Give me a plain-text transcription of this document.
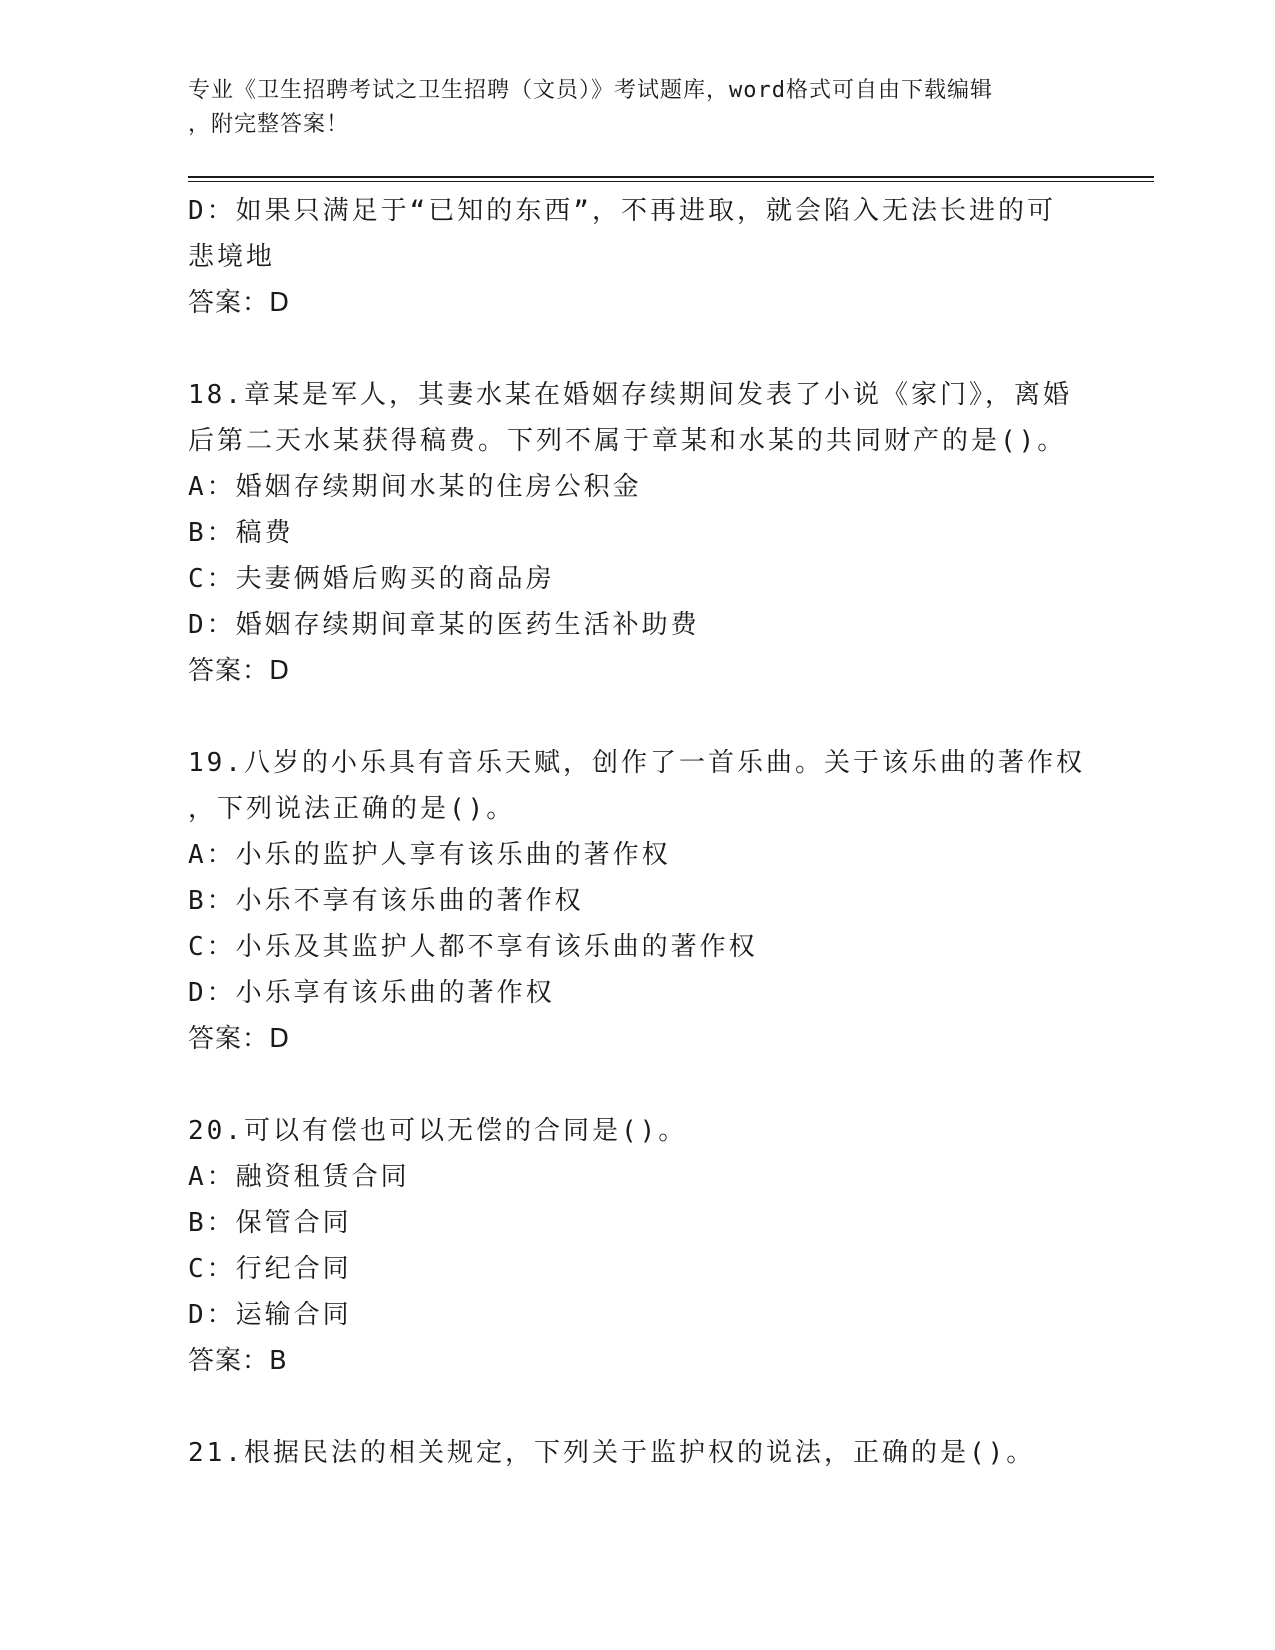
专业《卫生招聘考试之卫生招聘（文员）》考试题库，word格式可自由下载编辑
，附完整答案！
D：如果只满足于“已知的东西”，不再进取，就会陷入无法长进的可
悲境地
答案：D
18.章某是军人，其妻水某在婚姻存续期间发表了小说《家门》，离婚
后第二天水某获得稿费。下列不属于章某和水某的共同财产的是()。
A：婚姻存续期间水某的住房公积金
B：稿费
C：夫妻俩婚后购买的商品房
D：婚姻存续期间章某的医药生活补助费
答案：D
19.八岁的小乐具有音乐天赋，创作了一首乐曲。关于该乐曲的著作权
，下列说法正确的是()。
A：小乐的监护人享有该乐曲的著作权
B：小乐不享有该乐曲的著作权
C：小乐及其监护人都不享有该乐曲的著作权
D：小乐享有该乐曲的著作权
答案：D
20.可以有偿也可以无偿的合同是()。
A：融资租赁合同
B：保管合同
C：行纪合同
D：运输合同
答案：B
21.根据民法的相关规定，下列关于监护权的说法，正确的是()。
